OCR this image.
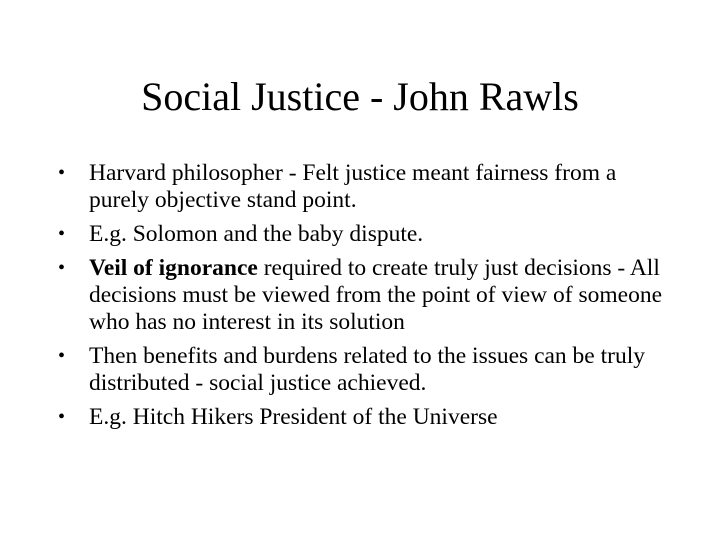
Social Justice - John Rawls
• Harvard philosopher - Felt justice meant fairness from a purely objective stand point.
• E.g. Solomon and the baby dispute.
• Veil of ignorance required to create truly just decisions - All decisions must be viewed from the point of view of someone who has no interest in its solution
• Then benefits and burdens related to the issues can be truly distributed - social justice achieved.
• E.g. Hitch Hikers President of the Universe
